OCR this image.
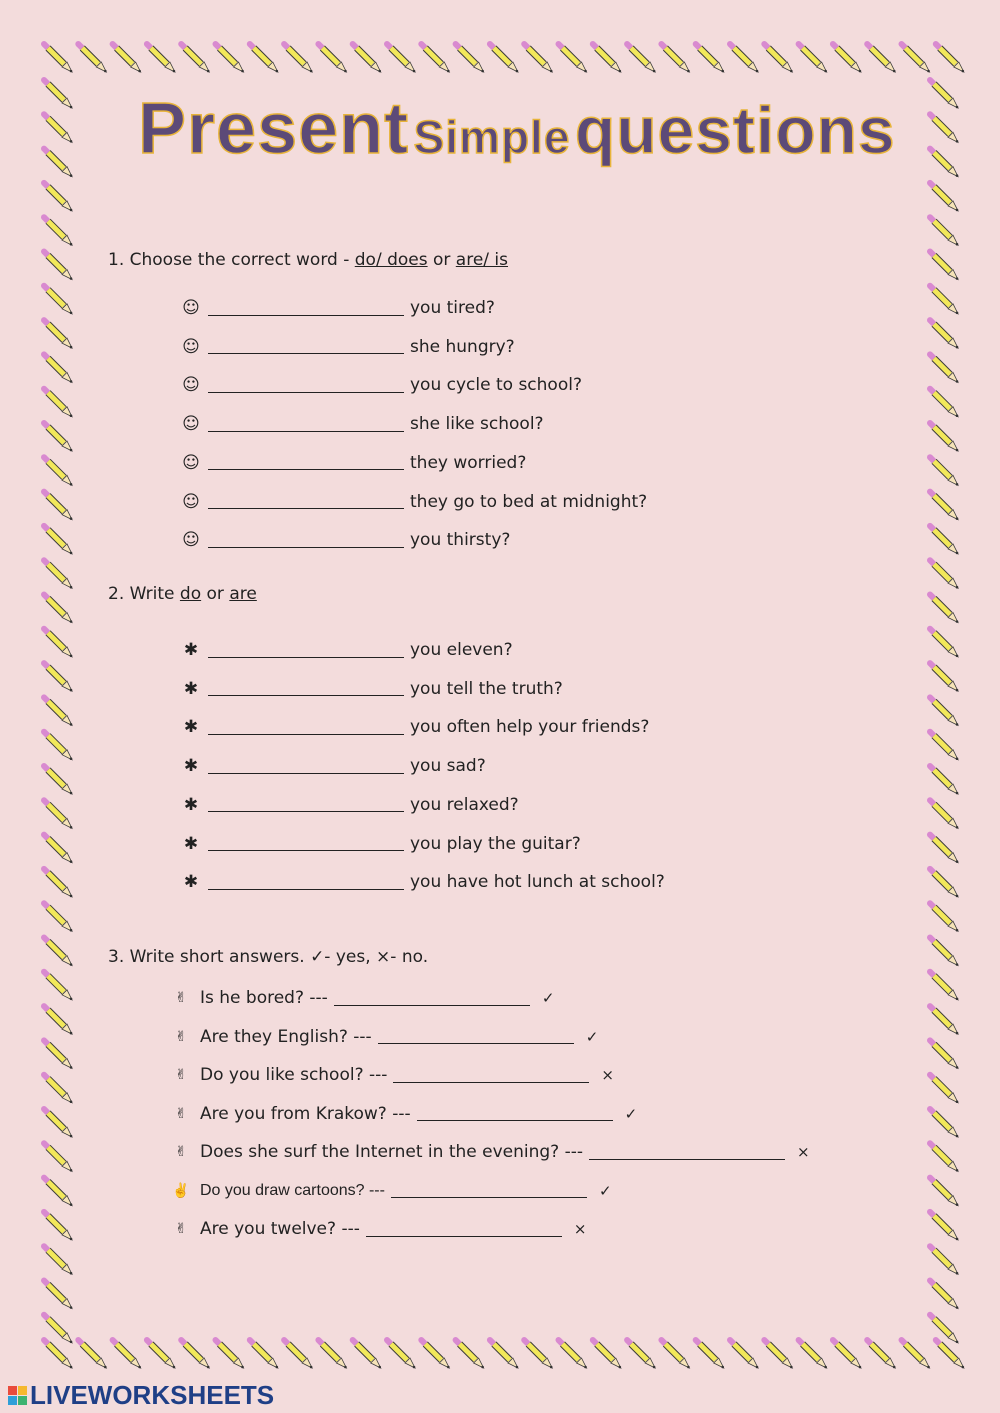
Present Simple questions
1. Choose the correct word - do/ does or are/ is
☺	you tired?
☺	she hungry?
☺	you cycle to school?
☺	she like school?
☺	they worried?
☺	they go to bed at midnight?
☺	you thirsty?
2. Write do or are
✱	you eleven?
✱	you tell the truth?
✱	you often help your friends?
✱	you sad?
✱	you relaxed?
✱	you play the guitar?
✱	you have hot lunch at school?
3. Write short answers. ✓- yes, ×- no.
✌ Is he bored? ---	✓
✌ Are they English? ---	✓
✌ Do you like school? ---	×
✌ Are you from Krakow? ---	✓
✌ Does she surf the Internet in the evening? ---	×
✌ Do you draw cartoons? ---	✓
✌ Are you twelve? ---	×
LIVEWORKSHEETS
